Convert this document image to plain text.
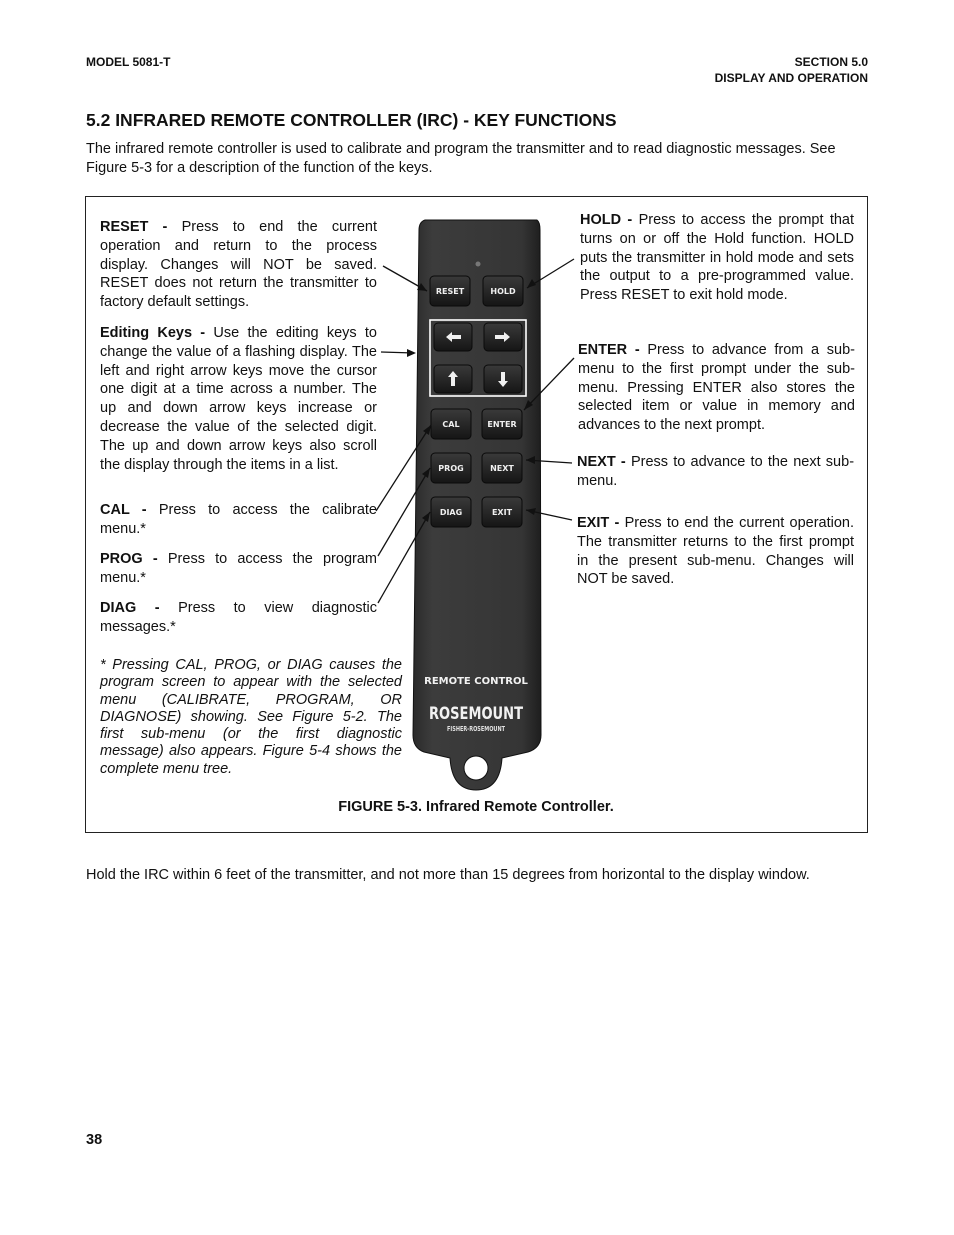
MODEL 5081-T	SECTION 5.0
DISPLAY AND OPERATION
5.2 INFRARED REMOTE CONTROLLER (IRC) - KEY FUNCTIONS
The infrared remote controller is used to calibrate and program the transmitter and to read diagnostic messages. See Figure 5-3 for a description of the function of the keys.
RESET	HOLD
CAL	ENTER
PROG	NEXT
DIAG	EXIT
REMOTE CONTROL
ROSEMOUNT
FISHER-ROSEMOUNT
RESET - Press to end the current operation and return to the process display. Changes will NOT be saved. RESET does not return the transmitter to factory default settings.
Editing Keys - Use the editing keys to change the value of a flashing display. The left and right arrow keys move the cursor one digit at a time across a number. The up and down arrow keys increase or decrease the value of the selected digit. The up and down arrow keys also scroll the display through the items in a list.
CAL - Press to access the calibrate menu.*
PROG - Press to access the program menu.*
DIAG - Press to view diagnostic messages.*
* Pressing CAL, PROG, or DIAG causes the program screen to appear with the selected menu (CALIBRATE, PROGRAM, OR DIAGNOSE) showing. See Figure 5-2. The first sub-menu (or the first diagnostic message) also appears. Figure 5-4 shows the complete menu tree.
HOLD - Press to access the prompt that turns on or off the Hold function. HOLD puts the transmitter in hold mode and sets the output to a pre-programmed value. Press RESET to exit hold mode.
ENTER - Press to advance from a sub-menu to the first prompt under the sub-menu. Pressing ENTER also stores the selected item or value in memory and advances to the next prompt.
NEXT - Press to advance to the next sub-menu.
EXIT - Press to end the current operation. The transmitter returns to the first prompt in the present sub-menu. Changes will NOT be saved.
FIGURE 5-3. Infrared Remote Controller.
Hold the IRC within 6 feet of the transmitter, and not more than 15 degrees from horizontal to the display window.
38
